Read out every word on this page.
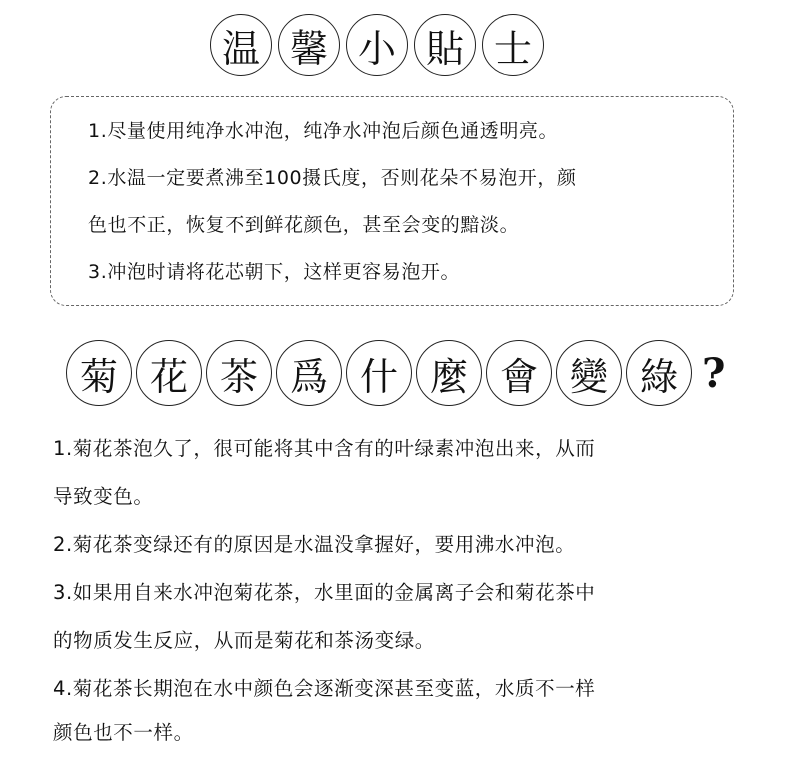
温 馨 小 貼 士
1.尽量使用纯净水冲泡，纯净水冲泡后颜色通透明亮。
2.水温一定要煮沸至100摄氏度，否则花朵不易泡开，颜
色也不正，恢复不到鲜花颜色，甚至会变的黯淡。
3.冲泡时请将花芯朝下，这样更容易泡开。
菊 花 茶 爲 什 麼 會 變 綠 ?
1.菊花茶泡久了，很可能将其中含有的叶绿素冲泡出来，从而
导致变色。
2.菊花茶变绿还有的原因是水温没拿握好，要用沸水冲泡。
3.如果用自来水冲泡菊花茶，水里面的金属离子会和菊花茶中
的物质发生反应，从而是菊花和茶汤变绿。
4.菊花茶长期泡在水中颜色会逐渐变深甚至变蓝，水质不一样
颜色也不一样。
